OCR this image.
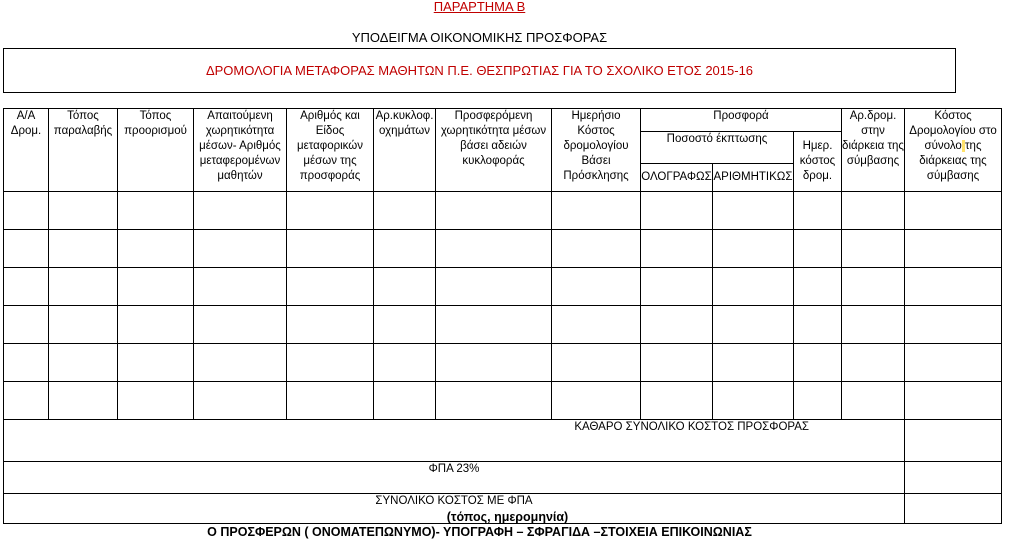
ΠΑΡΑΡΤΗΜΑ Β
ΥΠΟΔΕΙΓΜΑ ΟΙΚΟΝΟΜΙΚΗΣ ΠΡΟΣΦΟΡΑΣ
ΔΡΟΜΟΛΟΓΙΑ ΜΕΤΑΦΟΡΑΣ ΜΑΘΗΤΩΝ Π.Ε. ΘΕΣΠΡΩΤΙΑΣ ΓΙΑ ΤΟ ΣΧΟΛΙΚΟ ΕΤΟΣ 2015-16
Α/Α Δρομ.	Τόπος παραλαβής	Τόπος προορισμού	Απαιτούμενη χωρητικότητα μέσων- Αριθμός μεταφερομένων μαθητών	Αριθμός και Είδος μεταφορικών μέσων της προσφοράς	Αρ.κυκλοφ. οχημάτων	Προσφερόμενη χωρητικότητα μέσων βάσει αδειών κυκλοφοράς	Ημερήσιο Κόστος δρομολογίου Βάσει Πρόσκλησης	Προσφορά			Αρ.δρομ. στην διάρκεια της σύμβασης	Κόστος Δρομολογίου στο σύνολο της διάρκειας της σύμβασης
								Ποσοστό έκπτωσης		Ημερ. κόστος δρομ.		
								ΟΛΟΓΡΑΦΩΣ	ΑΡΙΘΜΗΤΙΚΩΣ			

ΚΑΘΑΡΟ ΣΥΝΟΛΙΚΟ ΚΟΣΤΟΣ ΠΡΟΣΦΟΡΑΣ												
ΦΠΑ 23%												
ΣΥΝΟΛΙΚΟ ΚΟΣΤΟΣ ΜΕ ΦΠΑ												
(τόπος, ημερομηνία)
Ο ΠΡΟΣΦΕΡΩΝ ( ΟΝΟΜΑΤΕΠΩΝΥΜΟ)- ΥΠΟΓΡΑΦΗ – ΣΦΡΑΓΙΔΑ –ΣΤΟΙΧΕΙΑ ΕΠΙΚΟΙΝΩΝΙΑΣ
